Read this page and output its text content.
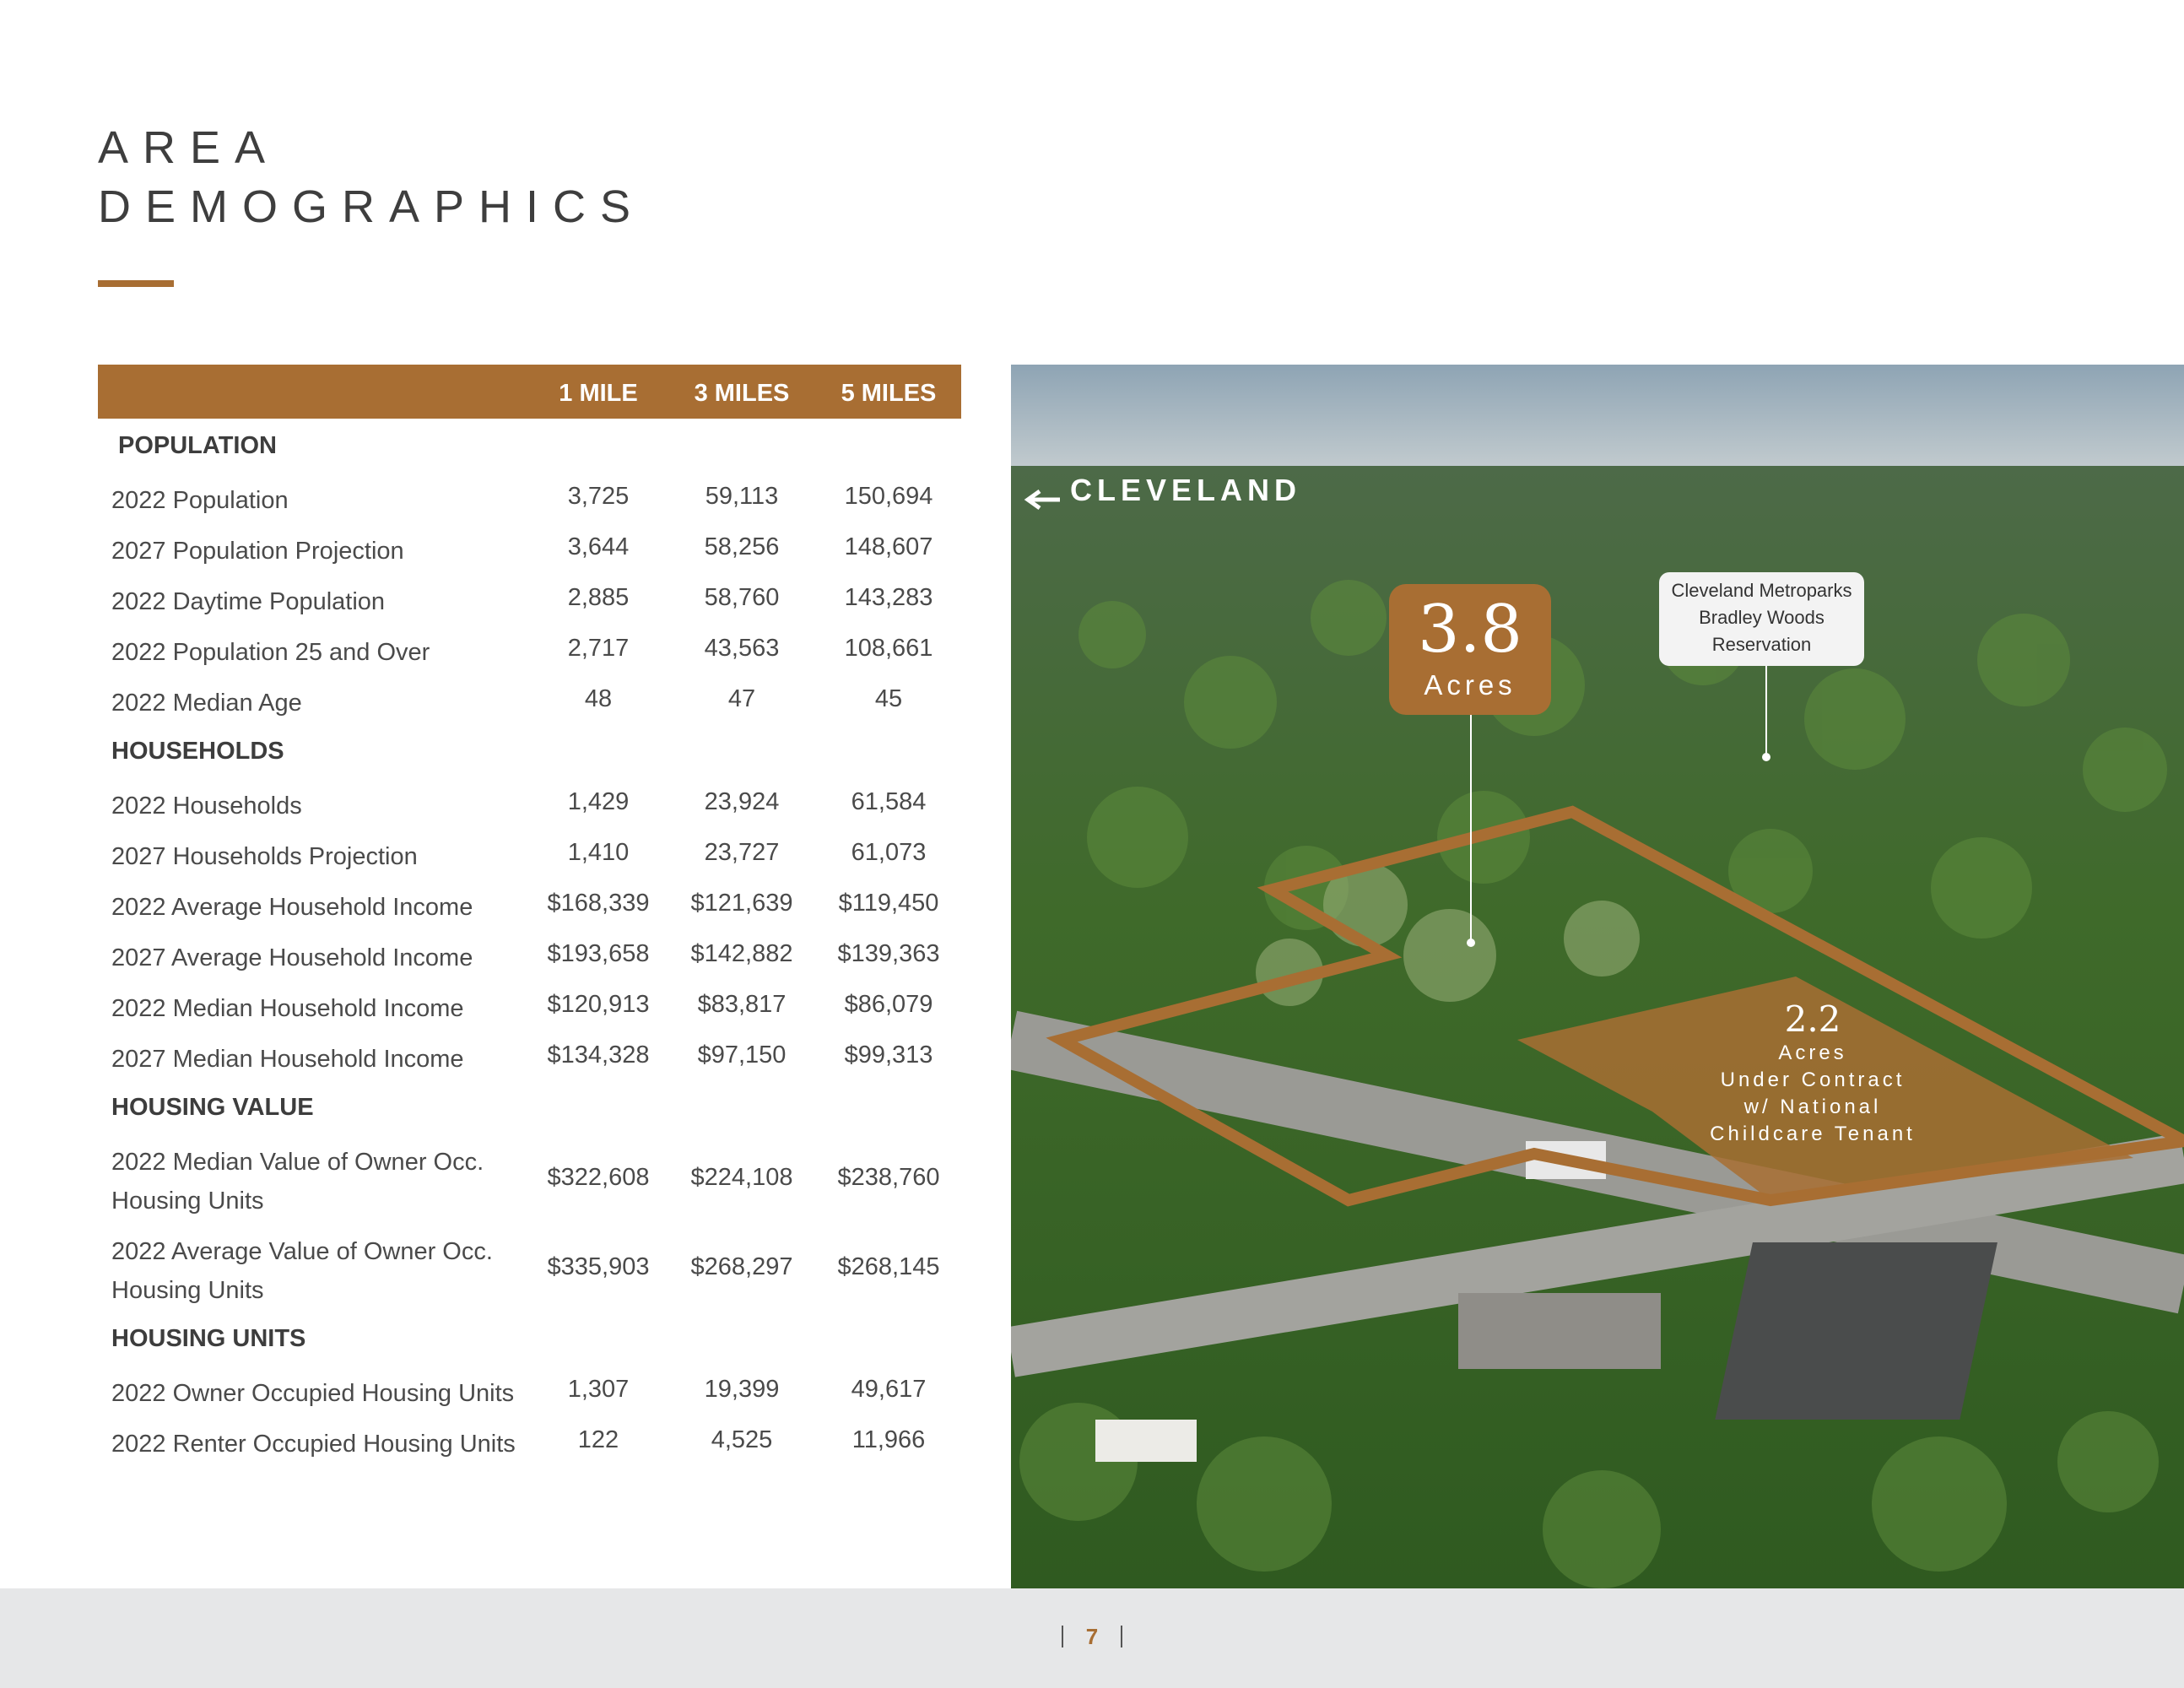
AREA
DEMOGRAPHICS
1 MILE	3 MILES	5 MILES
POPULATION
2022 Population	3,725	59,113	150,694
2027 Population Projection	3,644	58,256	148,607
2022 Daytime Population	2,885	58,760	143,283
2022 Population 25 and Over	2,717	43,563	108,661
2022 Median Age	48	47	45
HOUSEHOLDS
2022 Households	1,429	23,924	61,584
2027 Households Projection	1,410	23,727	61,073
2022 Average Household Income	$168,339	$121,639	$119,450
2027 Average Household Income	$193,658	$142,882	$139,363
2022 Median Household Income	$120,913	$83,817	$86,079
2027 Median Household Income	$134,328	$97,150	$99,313
HOUSING VALUE
2022 Median Value of Owner Occ. Housing Units
$322,608	$224,108	$238,760
2022 Average Value of Owner Occ. Housing Units
$335,903	$268,297	$268,145
HOUSING UNITS
2022 Owner Occupied Housing Units	1,307	19,399	49,617
2022 Renter Occupied Housing Units	122	4,525	11,966
CLEVELAND
3.8
Acres
Cleveland Metroparks
Bradley Woods
Reservation
2.2
Acres
Under Contract
w/ National
Childcare Tenant
7
